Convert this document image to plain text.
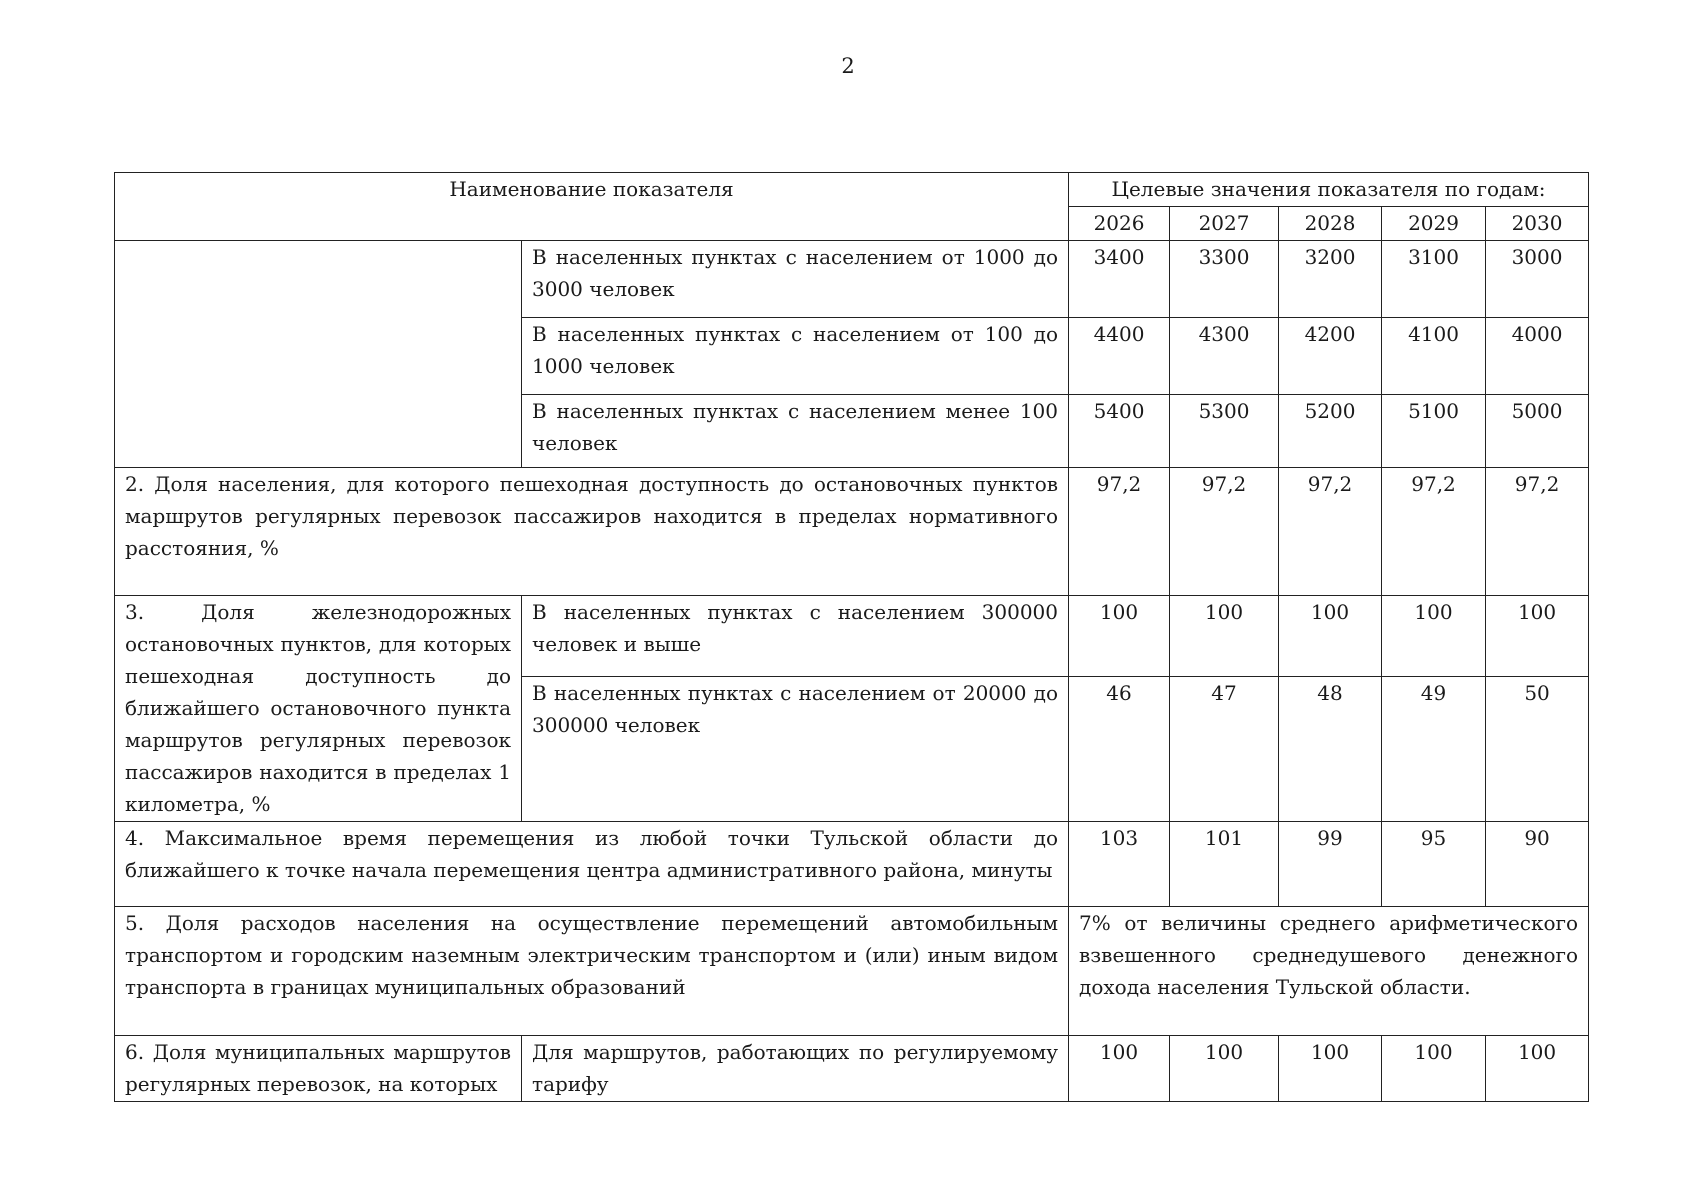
2
Наименование показателя		Целевые значения показателя по годам:				
		2026	2027	2028	2029	2030
	В населенных пунктах с населением от 1000 до 3000 человек	3400	3300	3200	3100	3000
	В населенных пунктах с населением от 100 до 1000 человек	4400	4300	4200	4100	4000
	В населенных пунктах с населением менее 100 человек	5400	5300	5200	5100	5000
2. Доля населения, для которого пешеходная доступность до остановочных пунктов маршрутов регулярных перевозок пассажиров находится в пределах нормативного расстояния, %		97,2	97,2	97,2	97,2	97,2
3. Доля железнодорожных остановочных пунктов, для которых пешеходная доступность до ближайшего остановочного пункта маршрутов регулярных перевозок пассажиров находится в пределах 1 километра, %	В населенных пунктах с населением 300000 человек и выше	100	100	100	100	100
	В населенных пунктах с населением от 20000 до 300000 человек	46	47	48	49	50
4. Максимальное время перемещения из любой точки Тульской области до ближайшего к точке начала перемещения центра административного района, минуты		103	101	99	95	90
5. Доля расходов населения на осуществление перемещений автомобильным транспортом и городским наземным электрическим транспортом и (или) иным видом транспорта в границах муниципальных образований		7% от величины среднего арифметического взвешенного среднедушевого денежного дохода населения Тульской области.				
6. Доля муниципальных маршрутов регулярных перевозок, на которых	Для маршрутов, работающих по регулируемому тарифу	100	100	100	100	100
